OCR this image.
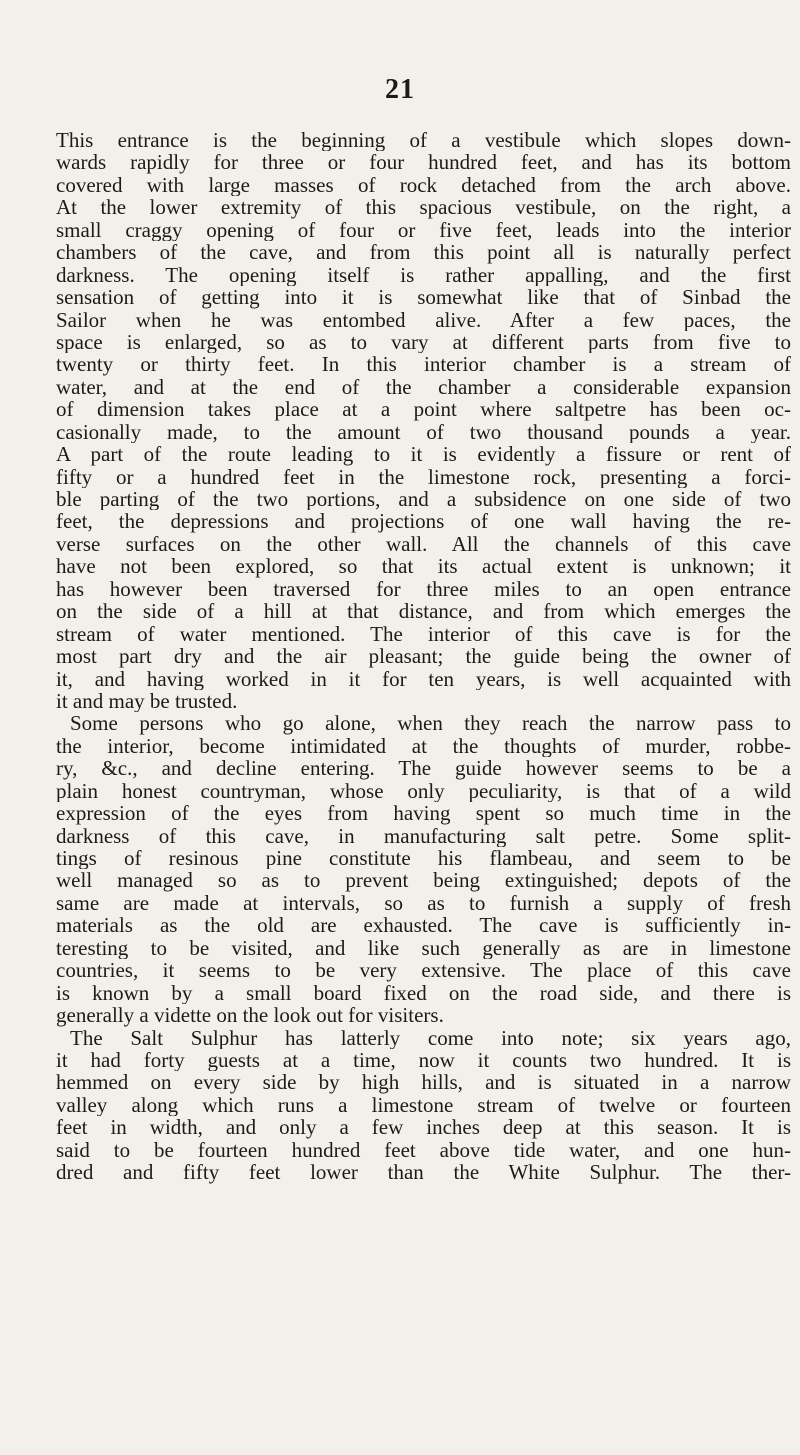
21
This entrance is the beginning of a vestibule which slopes down-
wards rapidly for three or four hundred feet, and has its bottom
covered with large masses of rock detached from the arch above.
At the lower extremity of this spacious vestibule, on the right, a
small craggy opening of four or five feet, leads into the interior
chambers of the cave, and from this point all is naturally perfect
darkness. The opening itself is rather appalling, and the first
sensation of getting into it is somewhat like that of Sinbad the
Sailor when he was entombed alive. After a few paces, the
space is enlarged, so as to vary at different parts from five to
twenty or thirty feet. In this interior chamber is a stream of
water, and at the end of the chamber a considerable expansion
of dimension takes place at a point where saltpetre has been oc-
casionally made, to the amount of two thousand pounds a year.
A part of the route leading to it is evidently a fissure or rent of
fifty or a hundred feet in the limestone rock, presenting a forci-
ble parting of the two portions, and a subsidence on one side of two
feet, the depressions and projections of one wall having the re-
verse surfaces on the other wall. All the channels of this cave
have not been explored, so that its actual extent is unknown; it
has however been traversed for three miles to an open entrance
on the side of a hill at that distance, and from which emerges the
stream of water mentioned. The interior of this cave is for the
most part dry and the air pleasant; the guide being the owner of
it, and having worked in it for ten years, is well acquainted with
it and may be trusted.
Some persons who go alone, when they reach the narrow pass to
the interior, become intimidated at the thoughts of murder, robbe-
ry, &c., and decline entering. The guide however seems to be a
plain honest countryman, whose only peculiarity, is that of a wild
expression of the eyes from having spent so much time in the
darkness of this cave, in manufacturing salt petre. Some split-
tings of resinous pine constitute his flambeau, and seem to be
well managed so as to prevent being extinguished; depots of the
same are made at intervals, so as to furnish a supply of fresh
materials as the old are exhausted. The cave is sufficiently in-
teresting to be visited, and like such generally as are in limestone
countries, it seems to be very extensive. The place of this cave
is known by a small board fixed on the road side, and there is
generally a vidette on the look out for visiters.
The Salt Sulphur has latterly come into note; six years ago,
it had forty guests at a time, now it counts two hundred. It is
hemmed on every side by high hills, and is situated in a narrow
valley along which runs a limestone stream of twelve or fourteen
feet in width, and only a few inches deep at this season. It is
said to be fourteen hundred feet above tide water, and one hun-
dred and fifty feet lower than the White Sulphur. The ther-
